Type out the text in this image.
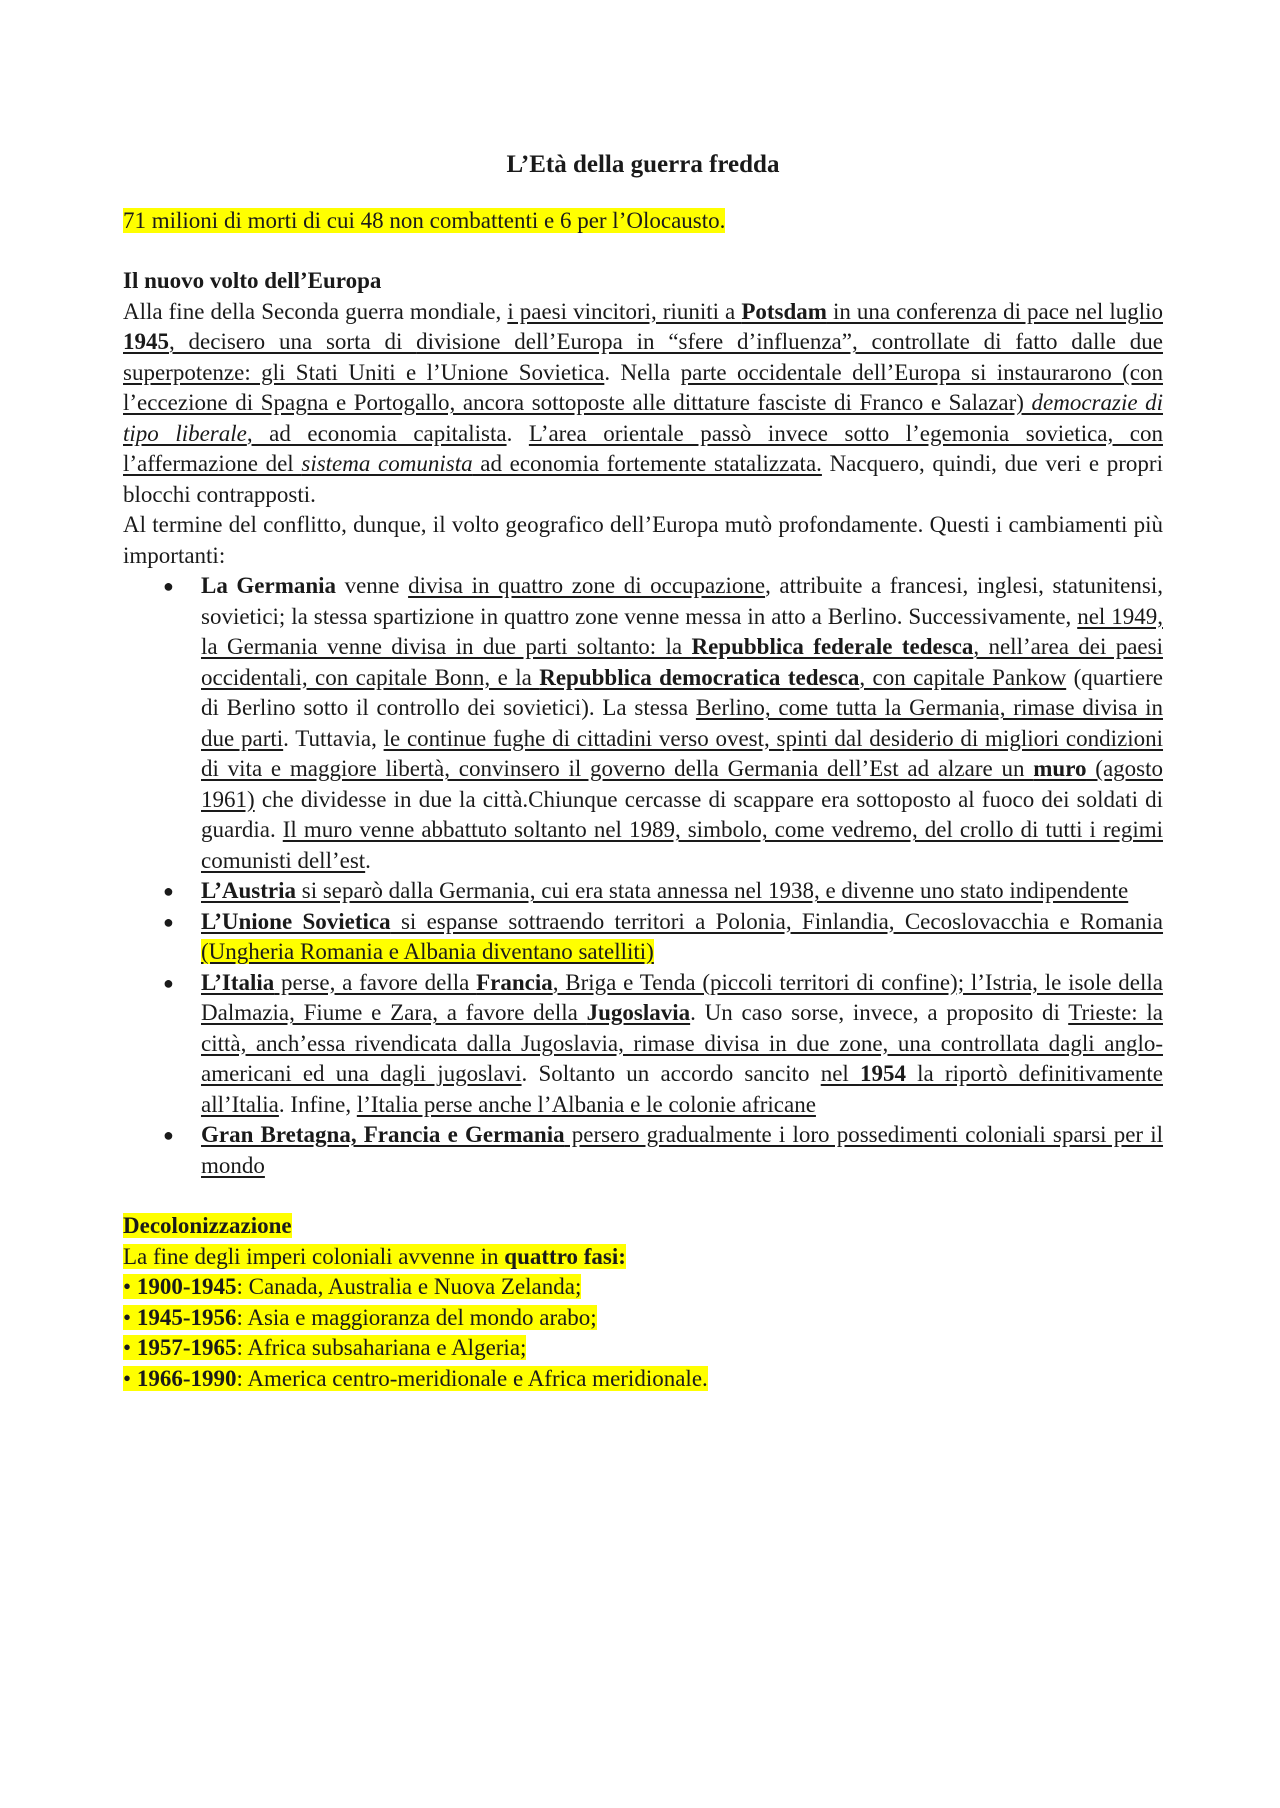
L’Età della guerra fredda

71 milioni di morti di cui 48 non combattenti e 6 per l’Olocausto.

Il nuovo volto dell’Europa

Alla fine della Seconda guerra mondiale, i paesi vincitori, riuniti a Potsdam in una conferenza di pace nel luglio 1945, decisero una sorta di divisione dell’Europa in “sfere d’influenza”, controllate di fatto dalle due superpotenze: gli Stati Uniti e l’Unione Sovietica. Nella parte occidentale dell’Europa si instaurarono (con l’eccezione di Spagna e Portogallo, ancora sottoposte alle dittature fasciste di Franco e Salazar) democrazie di tipo liberale, ad economia capitalista. L’area orientale passò invece sotto l’egemonia sovietica, con l’affermazione del sistema comunista ad economia fortemente statalizzata. Nacquero, quindi, due veri e propri blocchi contrapposti.

Al termine del conflitto, dunque, il volto geografico dell’Europa mutò profondamente. Questi i cambiamenti più importanti:

● La Germania venne divisa in quattro zone di occupazione, attribuite a francesi, inglesi, statunitensi, sovietici; la stessa spartizione in quattro zone venne messa in atto a Berlino. Successivamente, nel 1949, la Germania venne divisa in due parti soltanto: la Repubblica federale tedesca, nell’area dei paesi occidentali, con capitale Bonn, e la Repubblica democratica tedesca, con capitale Pankow (quartiere di Berlino sotto il controllo dei sovietici). La stessa Berlino, come tutta la Germania, rimase divisa in due parti. Tuttavia, le continue fughe di cittadini verso ovest, spinti dal desiderio di migliori condizioni di vita e maggiore libertà, convinsero il governo della Germania dell’Est ad alzare un muro (agosto 1961) che dividesse in due la città.Chiunque cercasse di scappare era sottoposto al fuoco dei soldati di guardia. Il muro venne abbattuto soltanto nel 1989, simbolo, come vedremo, del crollo di tutti i regimi comunisti dell’est.
● L’Austria si separò dalla Germania, cui era stata annessa nel 1938, e divenne uno stato indipendente
● L’Unione Sovietica si espanse sottraendo territori a Polonia, Finlandia, Cecoslovacchia e Romania (Ungheria Romania e Albania diventano satelliti)
● L’Italia perse, a favore della Francia, Briga e Tenda (piccoli territori di confine); l’Istria, le isole della Dalmazia, Fiume e Zara, a favore della Jugoslavia. Un caso sorse, invece, a proposito di Trieste: la città, anch’essa rivendicata dalla Jugoslavia, rimase divisa in due zone, una controllata dagli anglo-americani ed una dagli jugoslavi. Soltanto un accordo sancito nel 1954 la riportò definitivamente all’Italia. Infine, l’Italia perse anche l’Albania e le colonie africane
● Gran Bretagna, Francia e Germania persero gradualmente i loro possedimenti coloniali sparsi per il mondo

Decolonizzazione

La fine degli imperi coloniali avvenne in quattro fasi:

• 1900-1945: Canada, Australia e Nuova Zelanda;

• 1945-1956: Asia e maggioranza del mondo arabo;

• 1957-1965: Africa subsahariana e Algeria;

• 1966-1990: America centro-meridionale e Africa meridionale.
